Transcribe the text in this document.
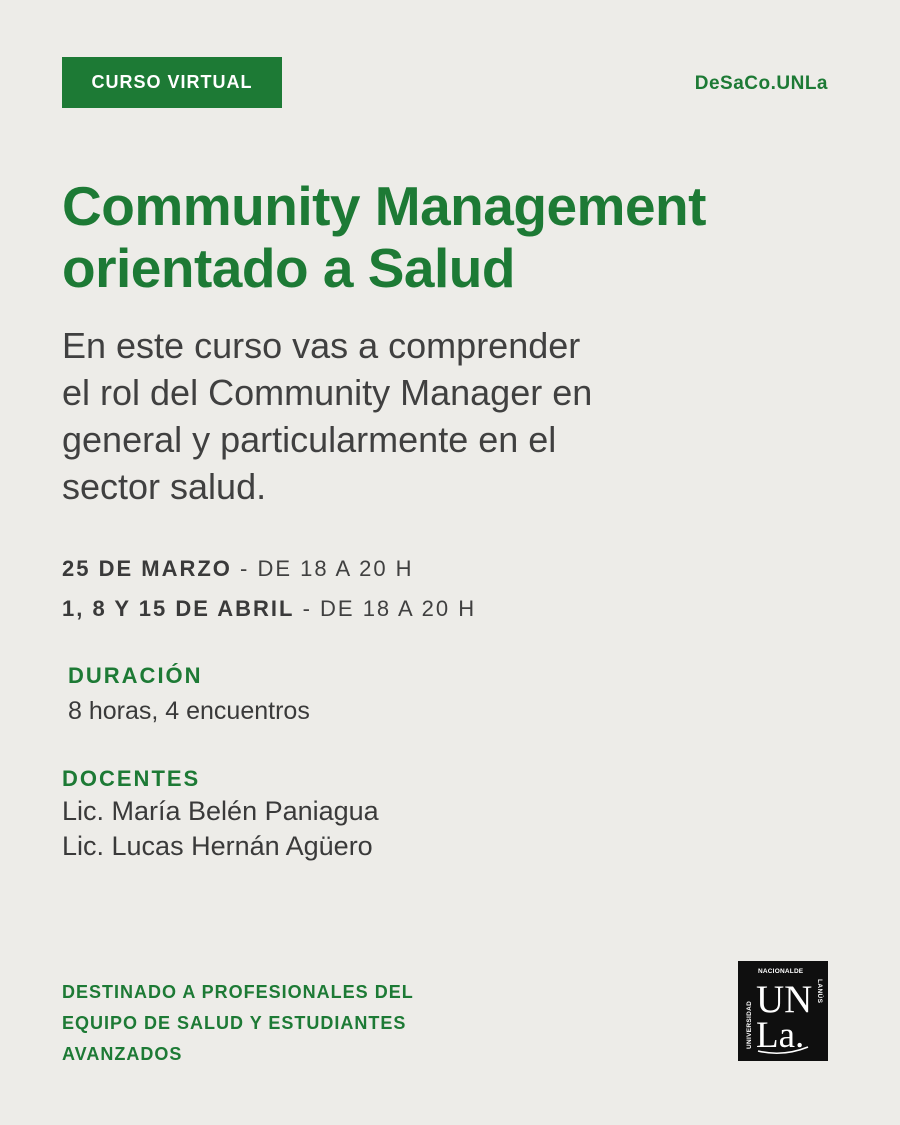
CURSO VIRTUAL	DeSaCo.UNLa
Community Management
orientado a Salud
En este curso vas a comprender
el rol del Community Manager en
general y particularmente en el
sector salud.
25 DE MARZO - DE 18 A 20 H
1, 8 Y 15 DE ABRIL - DE 18 A 20 H
DURACIÓN
8 horas, 4 encuentros
DOCENTES
Lic. María Belén Paniagua
Lic. Lucas Hernán Agüero
DESTINADO A PROFESIONALES DEL
EQUIPO DE SALUD Y ESTUDIANTES
AVANZADOS
UNIVERSIDAD
NACIONAL DE
LANÚS
UN
La.
